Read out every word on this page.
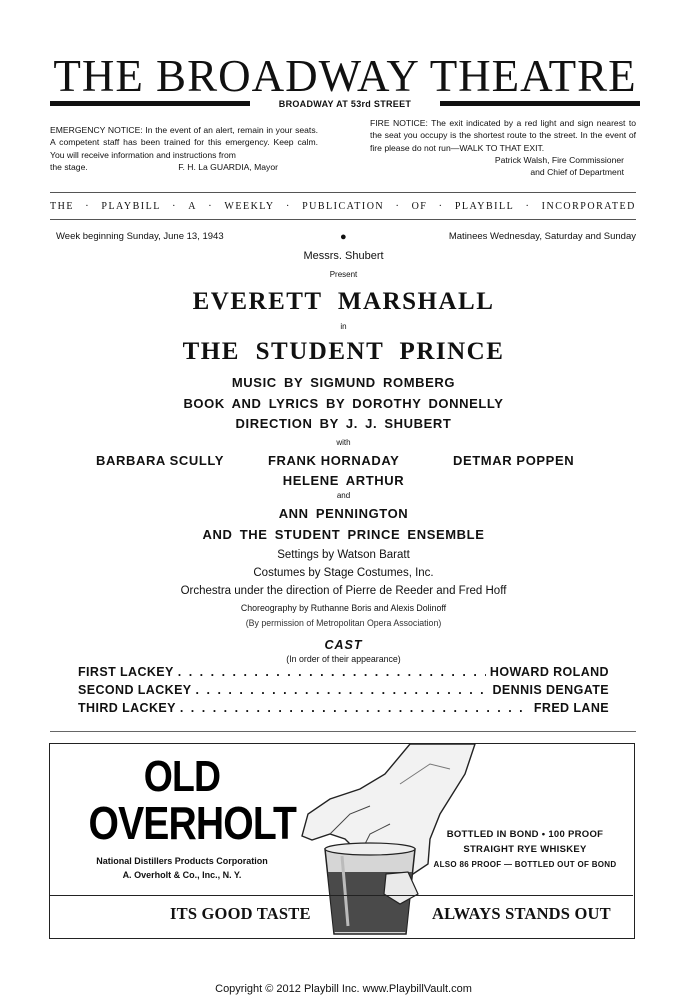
THE BROADWAY THEATRE
BROADWAY AT 53rd STREET
EMERGENCY NOTICE: In the event of an alert, remain in your seats. A competent staff has been trained for this emergency. Keep calm. You will receive information and instructions from
the stage.	F. H. La GUARDIA, Mayor
FIRE NOTICE: The exit indicated by a red light and sign nearest to the seat you occupy is the shortest route to the street. In the event of fire please do not run—WALK TO THAT EXIT.
Patrick Walsh, Fire Commissioner
and Chief of Department
THE · PLAYBILL · A · WEEKLY · PUBLICATION · OF · PLAYBILL · INCORPORATED
Week beginning Sunday, June 13, 1943	●	Matinees Wednesday, Saturday and Sunday
Messrs. Shubert
Present
EVERETT MARSHALL
in
THE STUDENT PRINCE
MUSIC BY SIGMUND ROMBERG
BOOK AND LYRICS BY DOROTHY DONNELLY
DIRECTION BY J. J. SHUBERT
with
BARBARA SCULLY	FRANK HORNADAY	DETMAR POPPEN
HELENE ARTHUR
and
ANN PENNINGTON
AND THE STUDENT PRINCE ENSEMBLE
Settings by Watson Baratt
Costumes by Stage Costumes, Inc.
Orchestra under the direction of Pierre de Reeder and Fred Hoff
Choreography by Ruthanne Boris and Alexis Dolinoff
(By permission of Metropolitan Opera Association)
CAST
(In order of their appearance)
FIRST LACKEY . . .	HOWARD ROLAND
SECOND LACKEY . . .	DENNIS DENGATE
THIRD LACKEY . . .	FRED LANE
OLD
OVERHOLT
National Distillers Products Corporation
A. Overholt & Co., Inc., N. Y.
BOTTLED IN BOND • 100 PROOF
STRAIGHT RYE WHISKEY
ALSO 86 PROOF — BOTTLED OUT OF BOND
ITS GOOD TASTE	ALWAYS STANDS OUT
Copyright © 2012 Playbill Inc. www.PlaybillVault.com
